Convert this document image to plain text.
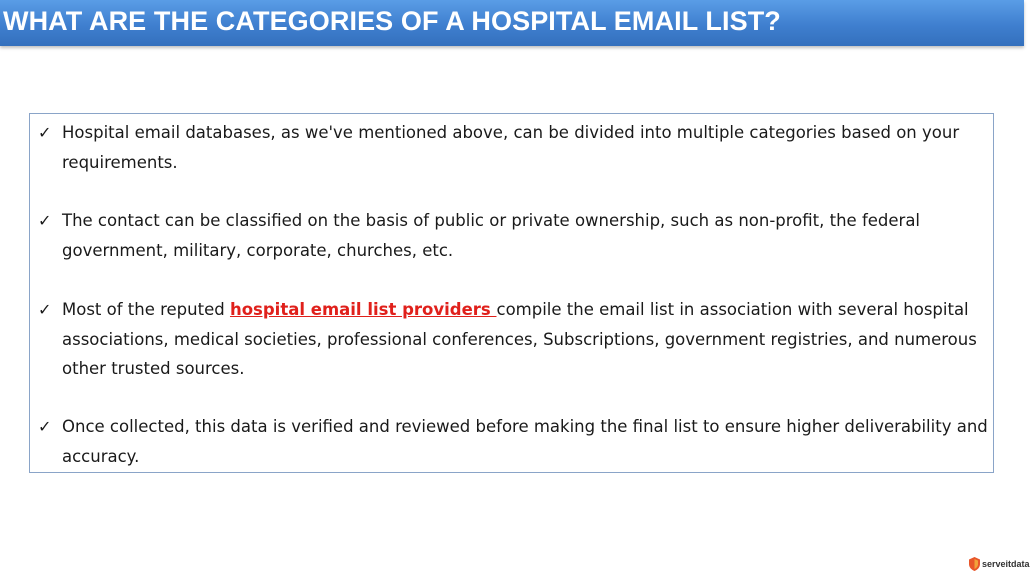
WHAT ARE THE CATEGORIES OF A HOSPITAL EMAIL LIST?
✓ Hospital email databases, as we've mentioned above, can be divided into multiple categories based on your requirements.
✓ The contact can be classified on the basis of public or private ownership, such as non-profit, the federal government, military, corporate, churches, etc.
✓ Most of the reputed hospital email list providers compile the email list in association with several hospital associations, medical societies, professional conferences, Subscriptions, government registries, and numerous other trusted sources.
✓ Once collected, this data is verified and reviewed before making the final list to ensure higher deliverability and accuracy.
serveitdata
